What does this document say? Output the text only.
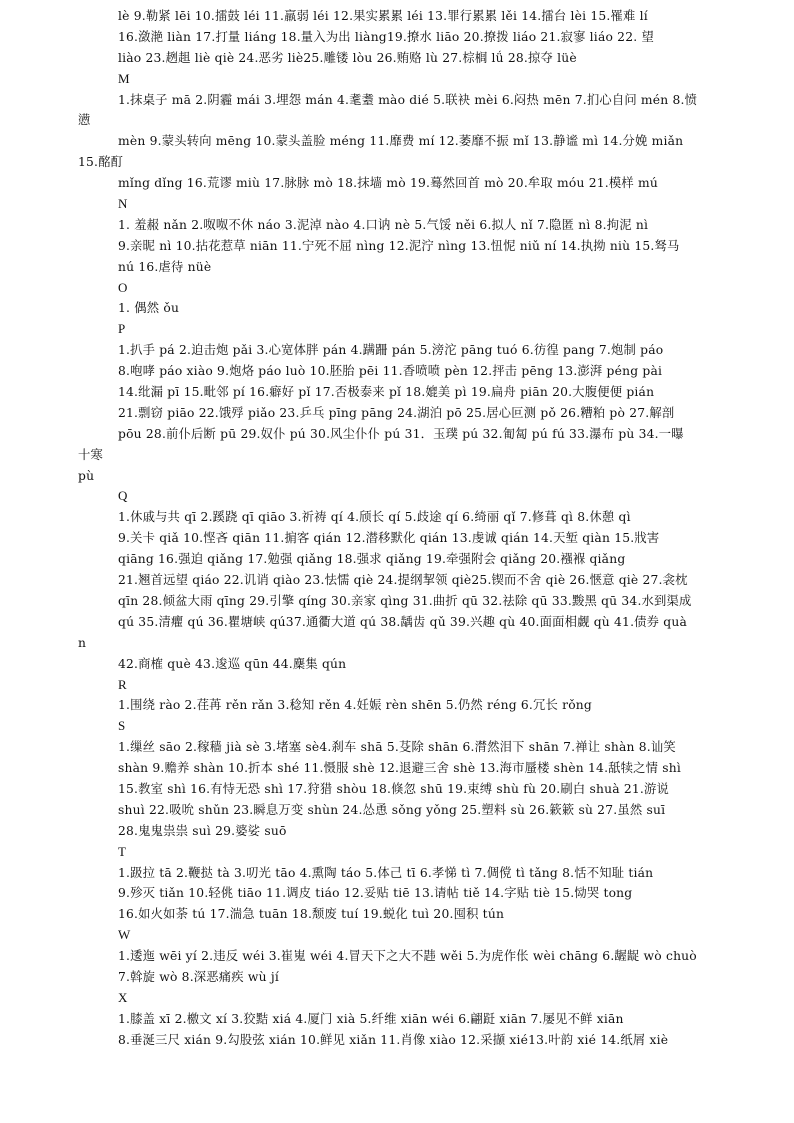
lè 9.勒紧 lēi 10.擂鼓 léi 11.羸弱 léi 12.果实累累 léi 13.罪行累累 lěi 14.擂台 lèi 15.罹难 lí
16.潋滟 liàn 17.打量 liáng 18.量入为出 liàng19.撩水 liāo 20.撩拨 liáo 21.寂寥 liáo 22. 望
liào 23.趔趄 liè qiè 24.恶劣 liè25.雕镂 lòu 26.贿赂 lù 27.棕榈 lǘ 28.掠夺 lüè
M
1.抹桌子 mā 2.阴霾 mái 3.埋怨 mán 4.耄耋 mào dié 5.联袂 mèi 6.闷热 mēn 7.扪心自问 mén 8.愤
懑
mèn 9.蒙头转向 mēng 10.蒙头盖脸 méng 11.靡费 mí 12.萎靡不振 mǐ 13.静谧 mì 14.分娩 miǎn
15.酩酊
mǐng dǐng 16.荒谬 miù 17.脉脉 mò 18.抹墙 mò 19.蓦然回首 mò 20.牟取 móu 21.模样 mú
N
1. 羞赧 nǎn 2.呶呶不休 náo 3.泥淖 nào 4.口讷 nè 5.气馁 něi 6.拟人 nǐ 7.隐匿 nì 8.拘泥 nì
9.亲昵 nì 10.拈花惹草 niān 11.宁死不屈 nìng 12.泥泞 nìng 13.忸怩 niǔ ní 14.执拗 niù 15.驽马
nú 16.虐待 nüè
O
1. 偶然 ǒu
P
1.扒手 pá 2.迫击炮 pǎi 3.心宽体胖 pán 4.蹒跚 pán 5.滂沱 pāng tuó 6.彷徨 pang 7.炮制 páo
8.咆哮 páo xiào 9.炮烙 páo luò 10.胚胎 pēi 11.香喷喷 pèn 12.抨击 pēng 13.澎湃 péng pài
14.纰漏 pī 15.毗邻 pí 16.癖好 pǐ 17.否极泰来 pǐ 18.媲美 pì 19.扁舟 piān 20.大腹便便 pián
21.剽窃 piāo 22.饿殍 piǎo 23.乒乓 pīng pāng 24.湖泊 pō 25.居心叵测 pǒ 26.糟粕 pò 27.解剖
pōu 28.前仆后断 pū 29.奴仆 pú 30.风尘仆仆 pú 31．玉璞 pú 32.匍匐 pú fú 33.瀑布 pù 34.一曝
十寒
pù
Q
1.休戚与共 qī 2.蹊跷 qī qiāo 3.祈祷 qí 4.颀长 qí 5.歧途 qí 6.绮丽 qǐ 7.修葺 qì 8.休憩 qì
9.关卡 qiǎ 10.悭吝 qiān 11.掮客 qián 12.潜移默化 qián 13.虔诚 qián 14.天堑 qiàn 15.戕害
qiāng 16.强迫 qiǎng 17.勉强 qiǎng 18.强求 qiǎng 19.牵强附会 qiǎng 20.襁褓 qiǎng
21.翘首远望 qiáo 22.讥诮 qiào 23.怯懦 qiè 24.提纲挈领 qiè25.锲而不舍 qiè 26.惬意 qiè 27.衾枕
qīn 28.倾盆大雨 qīng 29.引擎 qíng 30.亲家 qìng 31.曲折 qū 32.祛除 qū 33.黢黑 qū 34.水到渠成
qú 35.清癯 qú 36.瞿塘峡 qú37.通衢大道 qú 38.龋齿 qǔ 39.兴趣 qù 40.面面相觑 qù 41.债券 quà
n
42.商榷 què 43.逡巡 qūn 44.麇集 qún
R
1.围绕 rào 2.荏苒 rěn rǎn 3.稔知 rěn 4.妊娠 rèn shēn 5.仍然 réng 6.冗长 rǒng
S
1.缫丝 sāo 2.稼穑 jià sè 3.堵塞 sè4.刹车 shā 5.芟除 shān 6.潸然泪下 shān 7.禅让 shàn 8.讪笑
shàn 9.赡养 shàn 10.折本 shé 11.慑服 shè 12.退避三舍 shè 13.海市蜃楼 shèn 14.舐犊之情 shì
15.教室 shì 16.有恃无恐 shì 17.狩猎 shòu 18.倏忽 shū 19.束缚 shù fù 20.刷白 shuà 21.游说
shuì 22.吸吮 shǔn 23.瞬息万变 shùn 24.怂恿 sǒng yǒng 25.塑料 sù 26.簌簌 sù 27.虽然 suī
28.鬼鬼祟祟 suì 29.婆娑 suō
T
1.趿拉 tā 2.鞭挞 tà 3.叨光 tāo 4.熏陶 táo 5.体己 tī 6.孝悌 tì 7.倜傥 tì tǎng 8.恬不知耻 tián
9.殄灭 tiǎn 10.轻佻 tiāo 11.调皮 tiáo 12.妥贴 tiē 13.请帖 tiě 14.字贴 tiè 15.恸哭 tong
16.如火如荼 tú 17.湍急 tuān 18.颓废 tuí 19.蜕化 tuì 20.囤积 tún
W
1.逶迤 wēi yí 2.违反 wéi 3.崔嵬 wéi 4.冒天下之大不韪 wěi 5.为虎作伥 wèi chāng 6.龌龊 wò chuò
7.斡旋 wò 8.深恶痛疾 wù jí
X
1.膝盖 xī 2.檄文 xí 3.狡黠 xiá 4.厦门 xià 5.纤维 xiān wéi 6.翩跹 xiān 7.屡见不鲜 xiān
8.垂涎三尺 xián 9.勾股弦 xián 10.鲜见 xiǎn 11.肖像 xiào 12.采撷 xié13.叶韵 xié 14.纸屑 xiè
